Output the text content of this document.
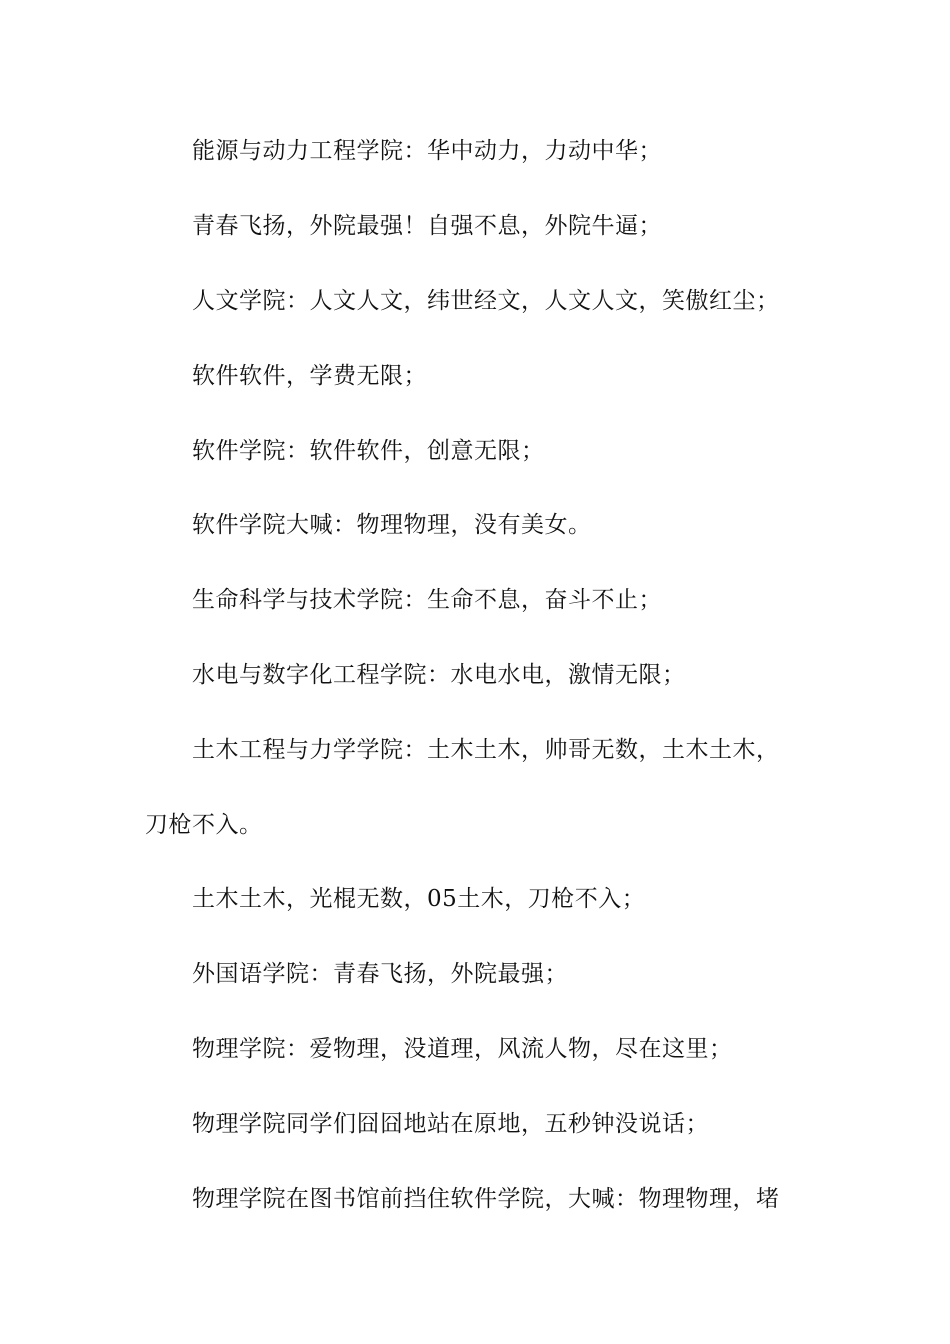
能源与动力工程学院：华中动力，力动中华；
青春飞扬，外院最强！自强不息，外院牛逼；
人文学院：人文人文，纬世经文，人文人文，笑傲红尘；
软件软件，学费无限；
软件学院：软件软件，创意无限；
软件学院大喊：物理物理，没有美女。
生命科学与技术学院：生命不息，奋斗不止；
水电与数字化工程学院：水电水电，激情无限；
土木工程与力学学院：土木土木，帅哥无数，土木土木，
刀枪不入。
土木土木，光棍无数，05土木，刀枪不入；
外国语学院：青春飞扬，外院最强；
物理学院：爱物理，没道理，风流人物，尽在这里；
物理学院同学们囧囧地站在原地，五秒钟没说话；
物理学院在图书馆前挡住软件学院，大喊：物理物理，堵
